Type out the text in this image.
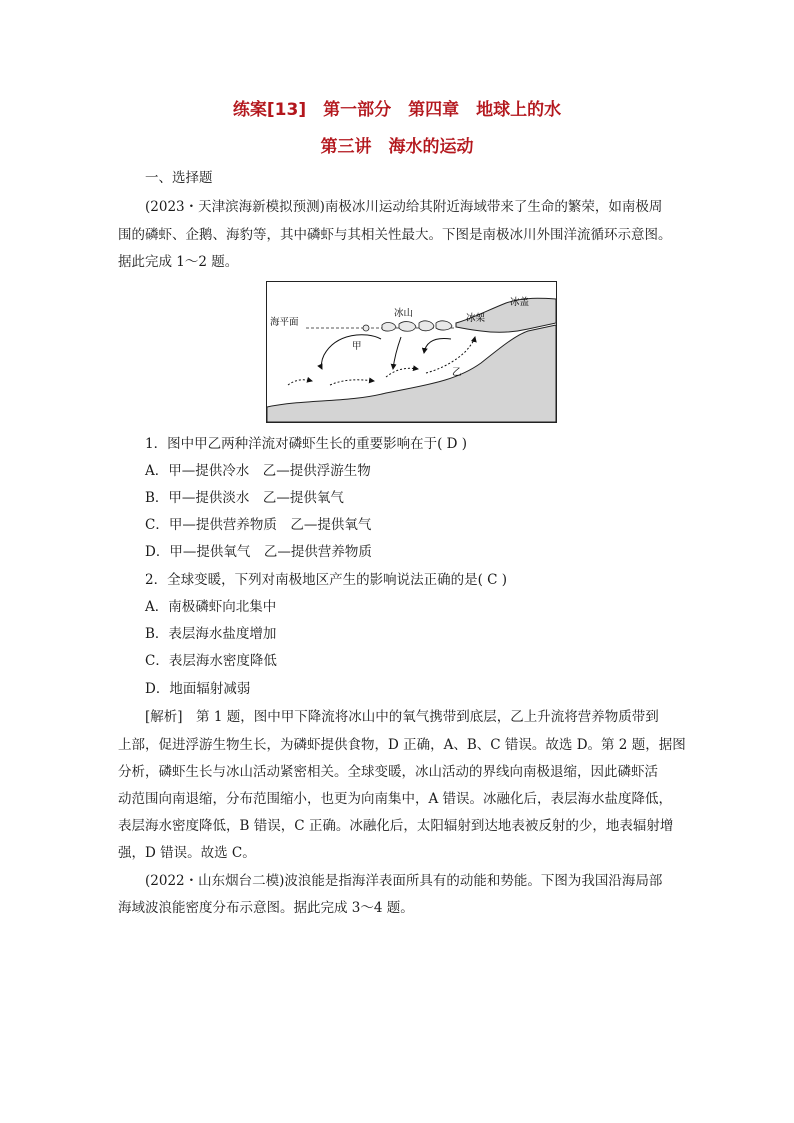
练案[13]　第一部分　第四章　地球上的水
第三讲　海水的运动
一、选择题
(2023・天津滨海新模拟预测)南极冰川运动给其附近海域带来了生命的繁荣，如南极周
围的磷虾、企鹅、海豹等，其中磷虾与其相关性最大。下图是南极冰川外围洋流循环示意图。
据此完成 1～2 题。
海平面
冰山	冰架
冰盖
甲
乙
1．图中甲乙两种洋流对磷虾生长的重要影响在于( D )
A．甲—提供冷水　乙—提供浮游生物
B．甲—提供淡水　乙—提供氧气
C．甲—提供营养物质　乙—提供氧气
D．甲—提供氧气　乙—提供营养物质
2．全球变暖，下列对南极地区产生的影响说法正确的是( C )
A．南极磷虾向北集中
B．表层海水盐度增加
C．表层海水密度降低
D．地面辐射减弱
[解析]　第 1 题，图中甲下降流将冰山中的氧气携带到底层，乙上升流将营养物质带到
上部，促进浮游生物生长，为磷虾提供食物，D 正确，A、B、C 错误。故选 D。第 2 题，据图
分析，磷虾生长与冰山活动紧密相关。全球变暖，冰山活动的界线向南极退缩，因此磷虾活
动范围向南退缩，分布范围缩小，也更为向南集中，A 错误。冰融化后，表层海水盐度降低，
表层海水密度降低，B 错误，C 正确。冰融化后，太阳辐射到达地表被反射的少，地表辐射增
强，D 错误。故选 C。
(2022・山东烟台二模)波浪能是指海洋表面所具有的动能和势能。下图为我国沿海局部
海域波浪能密度分布示意图。据此完成 3～4 题。
